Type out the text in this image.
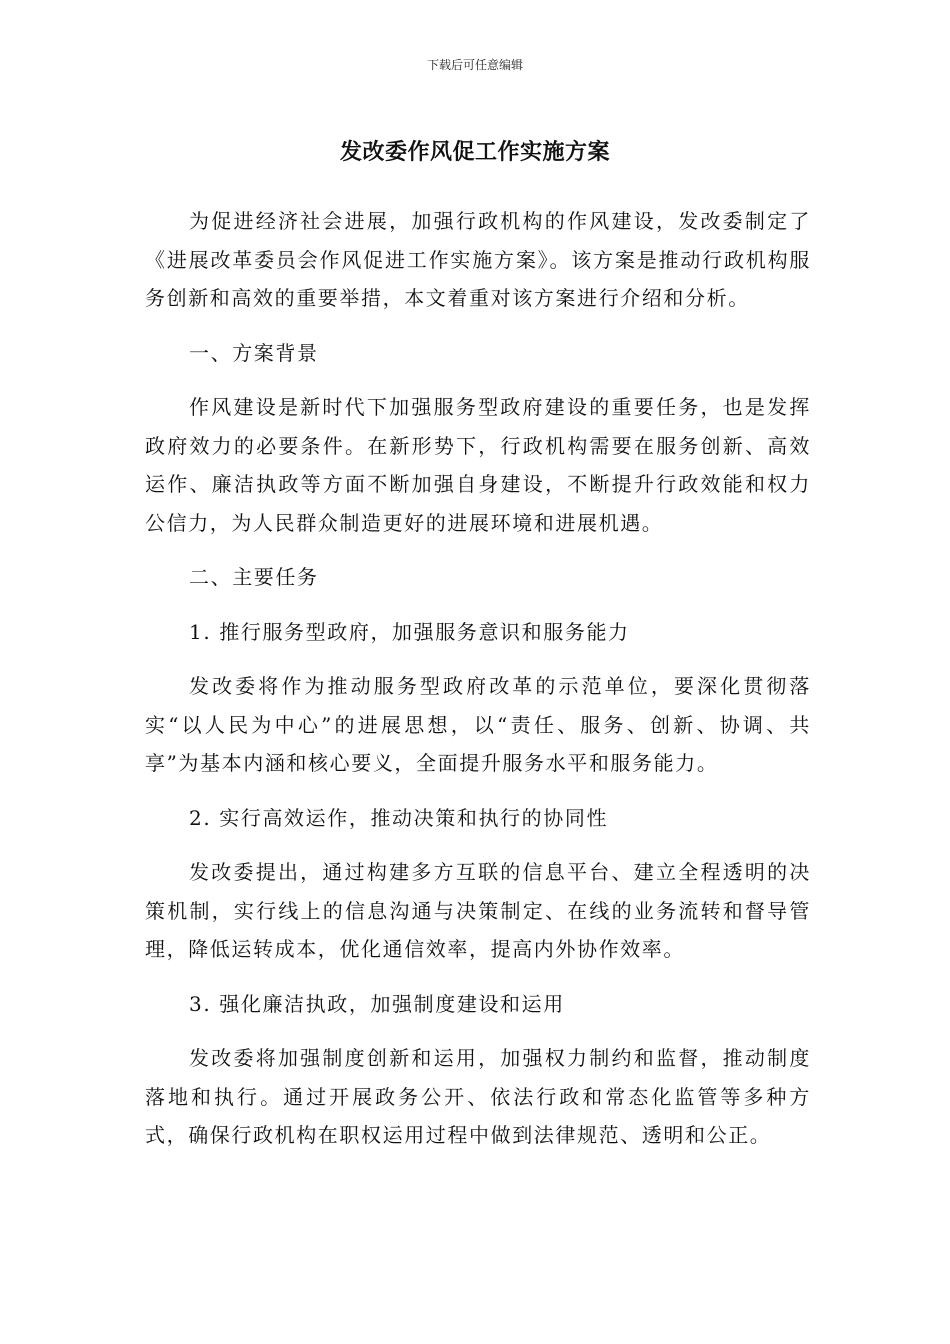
下载后可任意编辑
发改委作风促工作实施方案

为促进经济社会进展，加强行政机构的作风建设，发改委制定了《进展改革委员会作风促进工作实施方案》。该方案是推动行政机构服务创新和高效的重要举措，本文着重对该方案进行介绍和分析。

一、方案背景

作风建设是新时代下加强服务型政府建设的重要任务，也是发挥政府效力的必要条件。在新形势下，行政机构需要在服务创新、高效运作、廉洁执政等方面不断加强自身建设，不断提升行政效能和权力公信力，为人民群众制造更好的进展环境和进展机遇。

二、主要任务

1. 推行服务型政府，加强服务意识和服务能力

发改委将作为推动服务型政府改革的示范单位，要深化贯彻落实“以人民为中心”的进展思想，以“责任、服务、创新、协调、共享”为基本内涵和核心要义，全面提升服务水平和服务能力。

2. 实行高效运作，推动决策和执行的协同性

发改委提出，通过构建多方互联的信息平台、建立全程透明的决策机制，实行线上的信息沟通与决策制定、在线的业务流转和督导管理，降低运转成本，优化通信效率，提高内外协作效率。

3. 强化廉洁执政，加强制度建设和运用

发改委将加强制度创新和运用，加强权力制约和监督，推动制度落地和执行。通过开展政务公开、依法行政和常态化监管等多种方式，确保行政机构在职权运用过程中做到法律规范、透明和公正。
